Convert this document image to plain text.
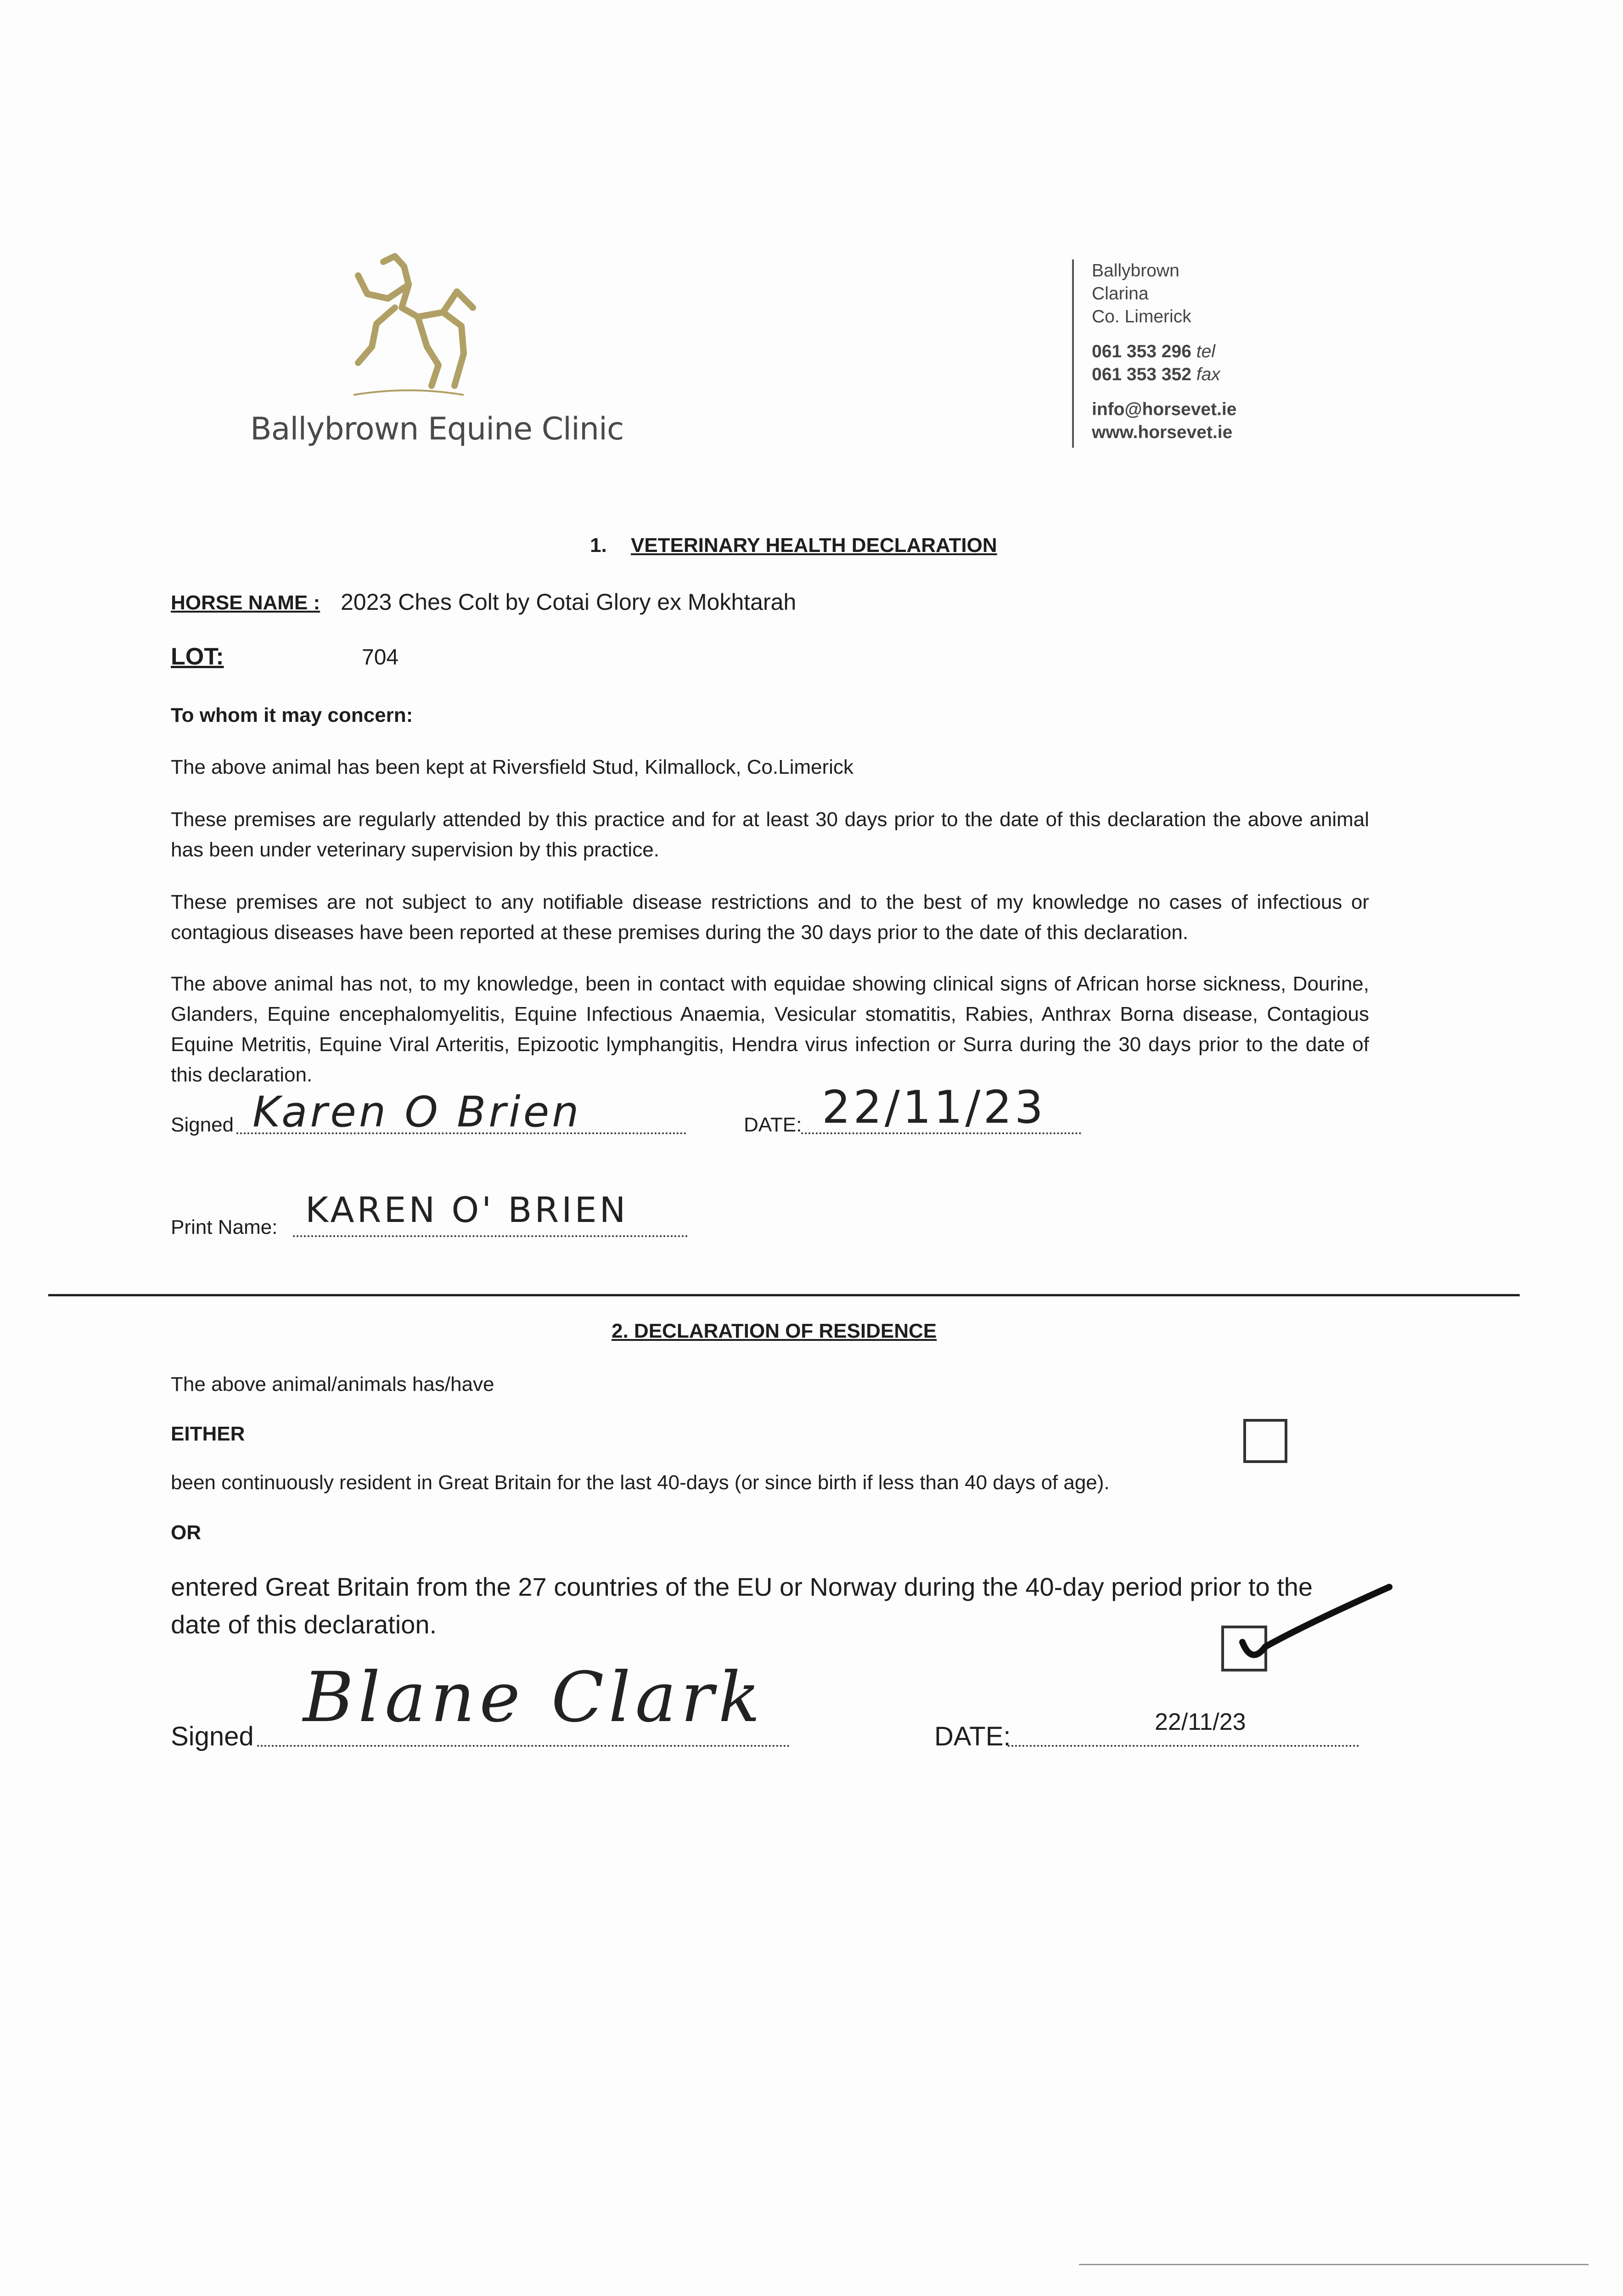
Ballybrown Equine Clinic
Ballybrown
Clarina
Co. Limerick
061 353 296 tel
061 353 352 fax
info@horsevet.ie
www.horsevet.ie
1. VETERINARY HEALTH DECLARATION
HORSE NAME : 2023 Ches Colt by Cotai Glory ex Mokhtarah
LOT:	704
To whom it may concern:
The above animal has been kept at Riversfield Stud, Kilmallock, Co.Limerick
These premises are regularly attended by this practice and for at least 30 days prior to the date of this declaration the above animal has been under veterinary supervision by this practice.
These premises are not subject to any notifiable disease restrictions and to the best of my knowledge no cases of infectious or contagious diseases have been reported at these premises during the 30 days prior to the date of this declaration.
The above animal has not, to my knowledge, been in contact with equidae showing clinical signs of African horse sickness, Dourine, Glanders, Equine encephalomyelitis, Equine Infectious Anaemia, Vesicular stomatitis, Rabies, Anthrax Borna disease, Contagious Equine Metritis, Equine Viral Arteritis, Epizootic lymphangitis, Hendra virus infection or Surra during the 30 days prior to the date of this declaration.
Signed Karen O Brien	DATE: 22/11/23
Print Name: KAREN O' BRIEN
2. DECLARATION OF RESIDENCE
The above animal/animals has/have
EITHER
been continuously resident in Great Britain for the last 40-days (or since birth if less than 40 days of age).
OR
entered Great Britain from the 27 countries of the EU or Norway during the 40-day period prior to the date of this declaration.
Signed Blane Clark	DATE:	22/11/23
